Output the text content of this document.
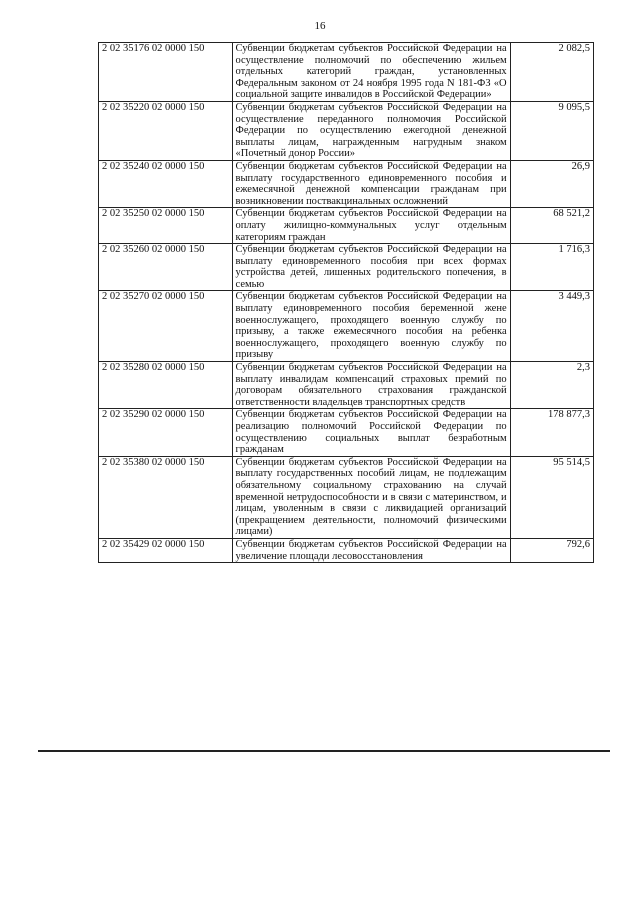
16
2 02 35176 02 0000 150	Субвенции бюджетам субъектов Российской Федерации на осуществление полномочий по обеспечению жильем отдельных категорий граждан, установленных Федеральным законом от 24 ноября 1995 года N 181-ФЗ «О социальной защите инвалидов в Российской Федерации»	2 082,5
2 02 35220 02 0000 150	Субвенции бюджетам субъектов Российской Федерации на осуществление переданного полномочия Российской Федерации по осуществлению ежегодной денежной выплаты лицам, награжденным нагрудным знаком «Почетный донор России»	9 095,5
2 02 35240 02 0000 150	Субвенции бюджетам субъектов Российской Федерации на выплату государственного единовременного пособия и ежемесячной денежной компенсации гражданам при возникновении поствакцинальных осложнений	26,9
2 02 35250 02 0000 150	Субвенции бюджетам субъектов Российской Федерации на оплату жилищно-коммунальных услуг отдельным категориям граждан	68 521,2
2 02 35260 02 0000 150	Субвенции бюджетам субъектов Российской Федерации на выплату единовременного пособия при всех формах устройства детей, лишенных родительского попечения, в семью	1 716,3
2 02 35270 02 0000 150	Субвенции бюджетам субъектов Российской Федерации на выплату единовременного пособия беременной жене военнослужащего, проходящего военную службу по призыву, а также ежемесячного пособия на ребенка военнослужащего, проходящего военную службу по призыву	3 449,3
2 02 35280 02 0000 150	Субвенции бюджетам субъектов Российской Федерации на выплату инвалидам компенсаций страховых премий по договорам обязательного страхования гражданской ответственности владельцев транспортных средств	2,3
2 02 35290 02 0000 150	Субвенции бюджетам субъектов Российской Федерации на реализацию полномочий Российской Федерации по осуществлению социальных выплат безработным гражданам	178 877,3
2 02 35380 02 0000 150	Субвенции бюджетам субъектов Российской Федерации на выплату государственных пособий лицам, не подлежащим обязательному социальному страхованию на случай временной нетрудоспособности и в связи с материнством, и лицам, уволенным в связи с ликвидацией организаций (прекращением деятельности, полномочий физическими лицами)	95 514,5
2 02 35429 02 0000 150	Субвенции бюджетам субъектов Российской Федерации на увеличение площади лесовосстановления	792,6
